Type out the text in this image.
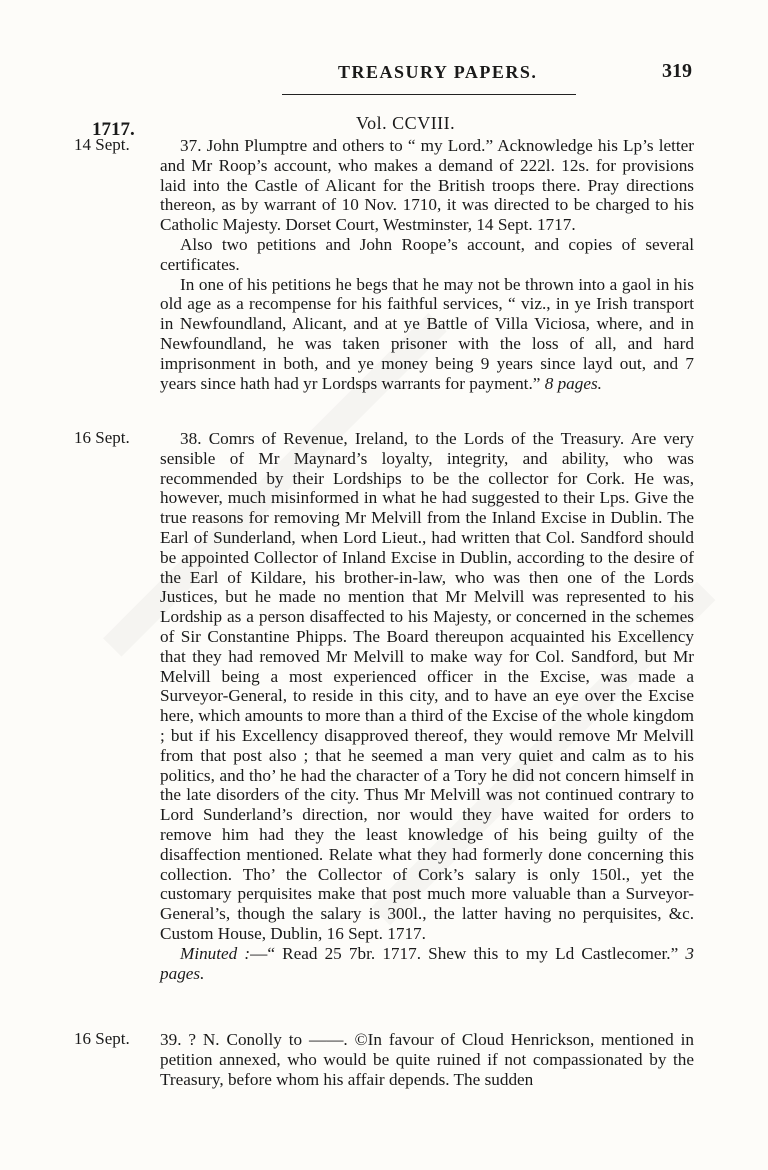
TREASURY PAPERS.	319
Vol. CCVIII.
1717.
14 Sept.	37. John Plumptre and others to “ my Lord.” Acknowledge his Lp’s letter and Mr Roop’s account, who makes a demand of 222l. 12s. for provisions laid into the Castle of Alicant for the British troops there. Pray directions thereon, as by warrant of 10 Nov. 1710, it was directed to be charged to his Catholic Majesty. Dorset Court, Westminster, 14 Sept. 1717.

Also two petitions and John Roope’s account, and copies of several certificates.

In one of his petitions he begs that he may not be thrown into a gaol in his old age as a recompense for his faithful services, “ viz., in ye Irish transport in Newfoundland, Alicant, and at ye Battle of Villa Viciosa, where, and in Newfoundland, he was taken prisoner with the loss of all, and hard imprisonment in both, and ye money being 9 years since layd out, and 7 years since hath had yr Lordsps warrants for payment.” 8 pages.

16 Sept.	38. Comrs of Revenue, Ireland, to the Lords of the Treasury. Are very sensible of Mr Maynard’s loyalty, integrity, and ability, who was recommended by their Lordships to be the collector for Cork. He was, however, much misinformed in what he had suggested to their Lps. Give the true reasons for removing Mr Melvill from the Inland Excise in Dublin. The Earl of Sunderland, when Lord Lieut., had written that Col. Sandford should be appointed Collector of Inland Excise in Dublin, according to the desire of the Earl of Kildare, his brother-in-law, who was then one of the Lords Justices, but he made no mention that Mr Melvill was represented to his Lordship as a person disaffected to his Majesty, or concerned in the schemes of Sir Constantine Phipps. The Board thereupon acquainted his Excellency that they had removed Mr Melvill to make way for Col. Sandford, but Mr Melvill being a most experienced officer in the Excise, was made a Surveyor-General, to reside in this city, and to have an eye over the Excise here, which amounts to more than a third of the Excise of the whole kingdom ; but if his Excellency disapproved thereof, they would remove Mr Melvill from that post also ; that he seemed a man very quiet and calm as to his politics, and tho’ he had the character of a Tory he did not concern himself in the late disorders of the city. Thus Mr Melvill was not continued contrary to Lord Sunderland’s direction, nor would they have waited for orders to remove him had they the least knowledge of his being guilty of the disaffection mentioned. Relate what they had formerly done concerning this collection. Tho’ the Collector of Cork’s salary is only 150l., yet the customary perquisites make that post much more valuable than a Surveyor-General’s, though the salary is 300l., the latter having no perquisites, &c. Custom House, Dublin, 16 Sept. 1717.

Minuted :—“ Read 25 7br. 1717. Shew this to my Ld Castlecomer.” 3 pages.

16 Sept. 39. ? N. Conolly to ——. ©In favour of Cloud Henrickson, mentioned in petition annexed, who would be quite ruined if not compassionated by the Treasury, before whom his affair depends. The sudden
